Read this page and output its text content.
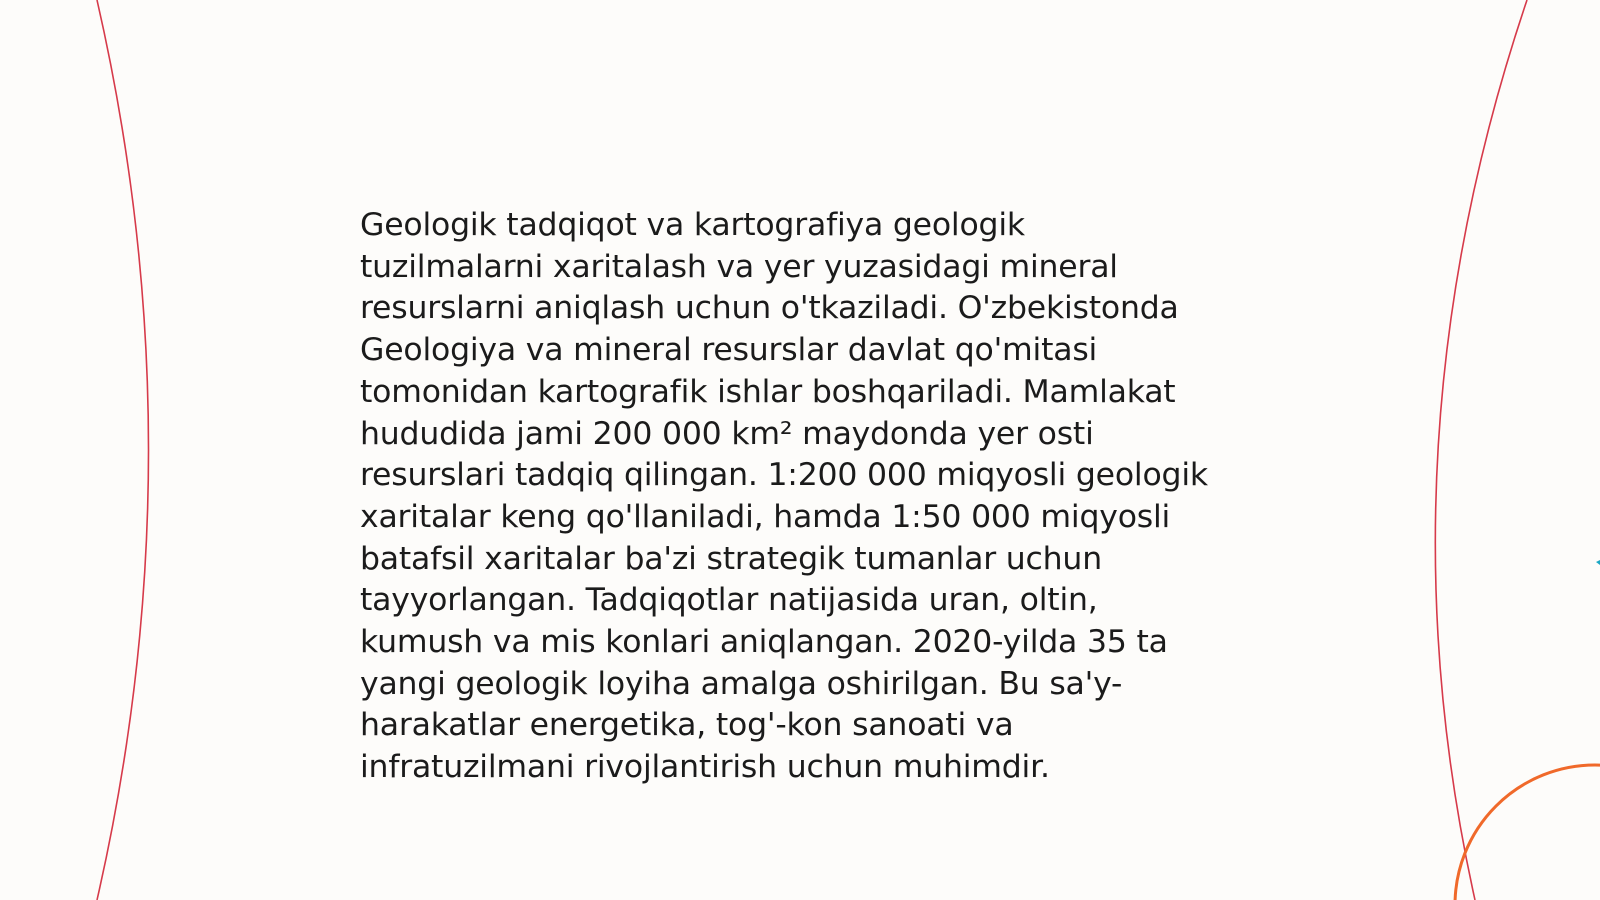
Geologik tadqiqot va kartografiya geologik
tuzilmalarni xaritalash va yer yuzasidagi mineral
resurslarni aniqlash uchun o'tkaziladi. O'zbekistonda
Geologiya va mineral resurslar davlat qo'mitasi
tomonidan kartografik ishlar boshqariladi. Mamlakat
hududida jami 200 000 km² maydonda yer osti
resurslari tadqiq qilingan. 1:200 000 miqyosli geologik
xaritalar keng qo'llaniladi, hamda 1:50 000 miqyosli
batafsil xaritalar ba'zi strategik tumanlar uchun
tayyorlangan. Tadqiqotlar natijasida uran, oltin,
kumush va mis konlari aniqlangan. 2020-yilda 35 ta
yangi geologik loyiha amalga oshirilgan. Bu sa'y-
harakatlar energetika, tog'-kon sanoati va
infratuzilmani rivojlantirish uchun muhimdir.
